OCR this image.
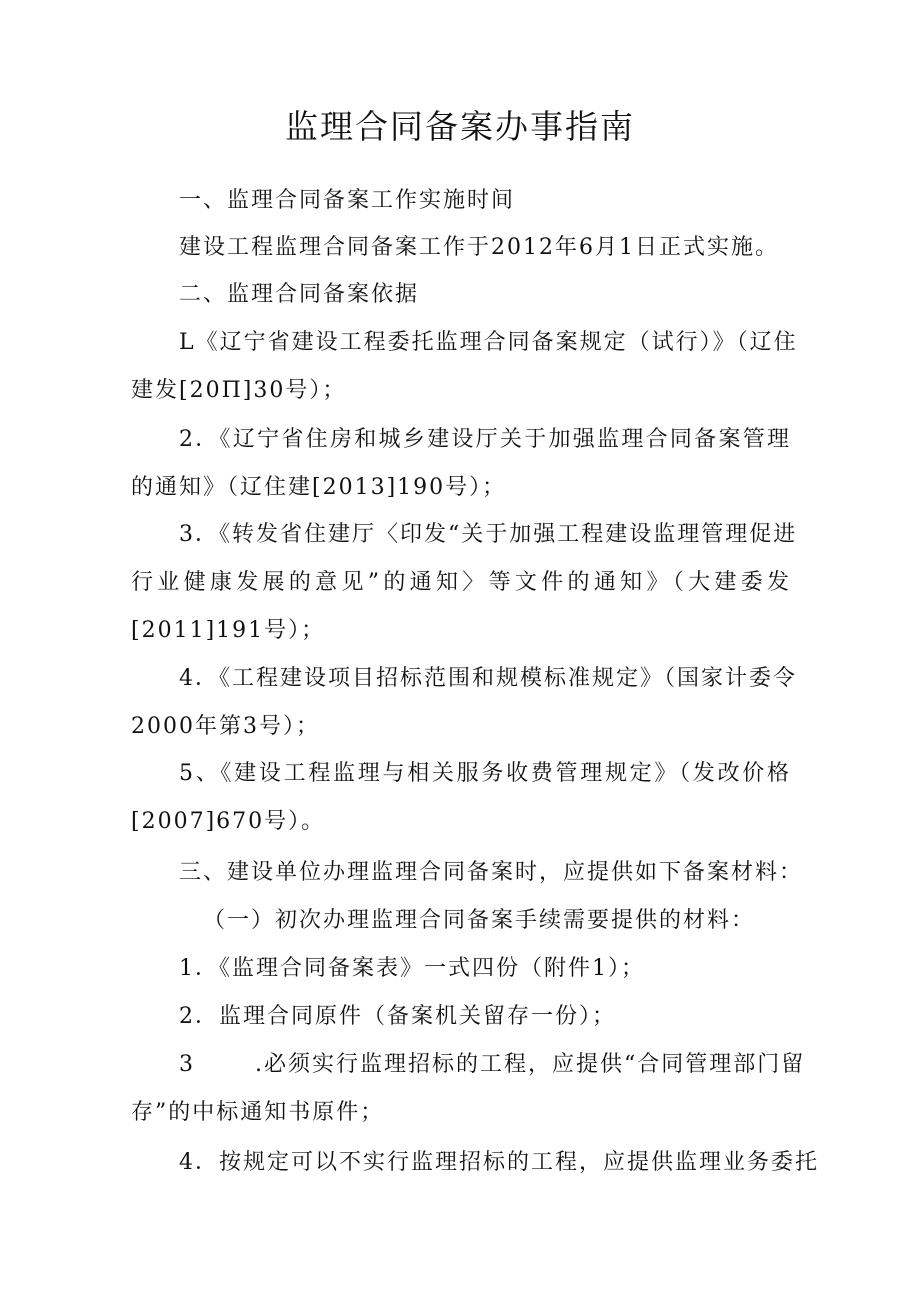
监理合同备案办事指南
一、监理合同备案工作实施时间
建设工程监理合同备案工作于2012年6月1日正式实施。
二、监理合同备案依据
L《辽宁省建设工程委托监理合同备案规定（试行）》（辽住
建发[20Π]30号）；
2．《辽宁省住房和城乡建设厅关于加强监理合同备案管理
的通知》（辽住建[2013]190号）；
3．《转发省住建厅〈印发“关于加强工程建设监理管理促进
行业健康发展的意见”的通知〉等文件的通知》（大建委发
[2011]191号）；
4．《工程建设项目招标范围和规模标准规定》（国家计委令
2000年第3号）；
5、《建设工程监理与相关服务收费管理规定》（发改价格
[2007]670号）。
三、建设单位办理监理合同备案时，应提供如下备案材料：
（一）初次办理监理合同备案手续需要提供的材料：
1．《监理合同备案表》一式四份（附件1）；
2．监理合同原件（备案机关留存一份）；
3	.必须实行监理招标的工程，应提供“合同管理部门留
存”的中标通知书原件；
4．按规定可以不实行监理招标的工程，应提供监理业务委托
